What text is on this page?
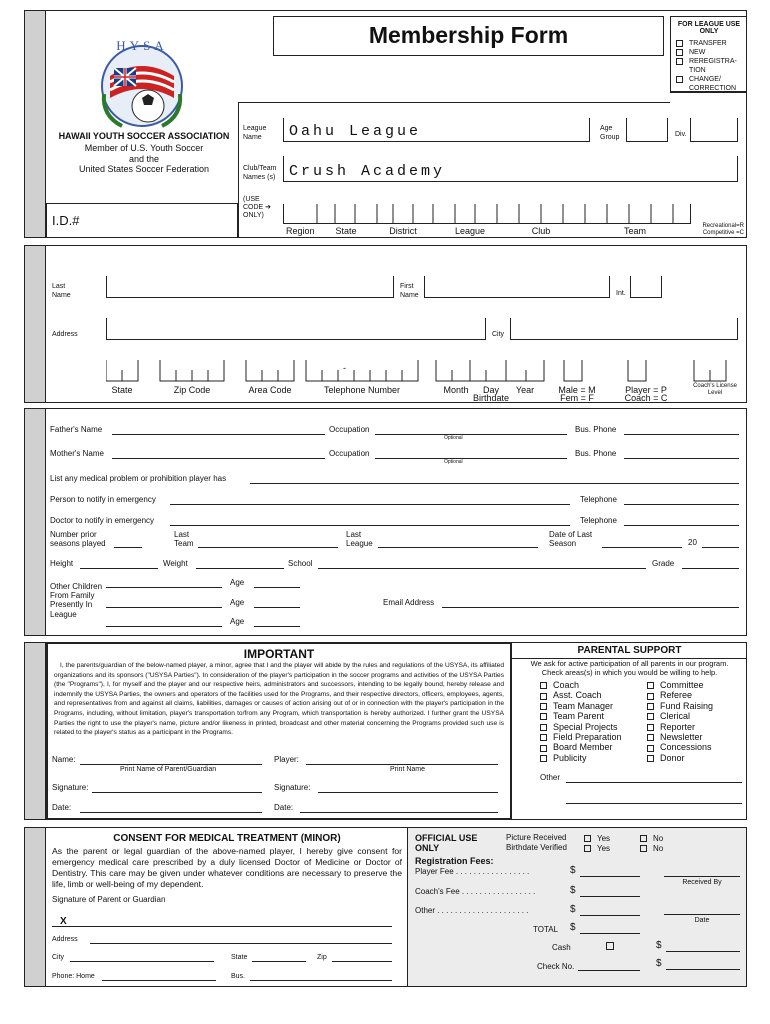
HYSA
HAWAII YOUTH SOCCER ASSOCIATION
Member of U.S. Youth Soccer
and the
United States Soccer Federation
I.D.#
Membership Form	FOR LEAGUE USE ONLY
TRANSFER
NEW
REREGISTRA-TION
CHANGE/ CORRECTION
League Name	Oahu League	Age Group	Div.
Club/Team Names (s) Crush Academy
(USE CODE ➔ ONLY)
Region	State	District	League	Club	Team	Recreational=R Competitive =C
Last Name
First Name	Int.
Address	City
-
State	Zip Code	Area Code	Telephone Number	Month	Day	Year
Birthdate
Male = M
Fem = F
Player = P
Coach = C
Coach's License Level
Father's Name	Occupation
Optional
Bus. Phone
Mother's Name	Occupation
Optional
Bus. Phone
List any medical problem or prohibition player has
Person to notify in emergency	Telephone
Doctor to notify in emergency	Telephone
Number prior seasons played
Last Team
Last League
Date of Last Season	20
Height	Weight	School	Grade
Other Children From Family Presently In League
Age
Age
Age
Email Address
IMPORTANT
I, the parents/guardian of the below-named player, a minor, agree that I and the player will abide by the rules and regulations of the USYSA, its affiliated organizations and its sponsors ("USYSA Parties"). In consideration of the player's participation in the soccer programs and activities of the USYSA Parties (the "Programs"), I, for myself and the player and our respective heirs, administrators and successors, intending to be legally bound, hereby release and indemnify the USYSA Parties, the owners and operators of the facilities used for the Programs, and their respective directors, officers, employees, agents, and representatives from and against all claims, liabilities, damages or causes of action arising out of or in connection with the player's participation in the Programs, including, without limitation, player's transportation to/from any Program, which transportation is hereby authorized. I further grant the USYSA Parties the right to use the player's name, picture and/or likeness in printed, broadcast and other material concerning the Programs provided such use is related to the player's status as a participant in the Programs.
Name:
Print Name of Parent/Guardian
Player:
Print Name
Signature:	Signature:
Date:	Date:
PARENTAL SUPPORT
We ask for active participation of all parents in our program.
Check areas(s) in which you would be willing to help.
Coach
Asst. Coach
Team Manager
Team Parent
Special Projects
Field Preparation
Board Member
Publicity
Committee
Referee
Fund Raising
Clerical
Reporter
Newsletter
Concessions
Donor
Other
CONSENT FOR MEDICAL TREATMENT (MINOR)
As the parent or legal guardian of the above-named player, I hereby give consent for emergency medical care prescribed by a duly licensed Doctor of Medicine or Doctor of Dentistry. This care may be given under whatever conditions are necessary to preserve the life, limb or well-being of my dependent.
Signature of Parent or Guardian
X
Address
City	State	Zip
Phone: Home	Bus.
OFFICIAL USE
ONLY
Picture Received
Birthdate Verified
Yes	No
Yes	No
Registration Fees:
Player Fee . . . . . . . . . . . . . . . . .	$
Received By
Coach's Fee . . . . . . . . . . . . . . . . .	$
Other . . . . . . . . . . . . . . . . . . . . .	$
Date
TOTAL $
Cash	$
Check No.	$
